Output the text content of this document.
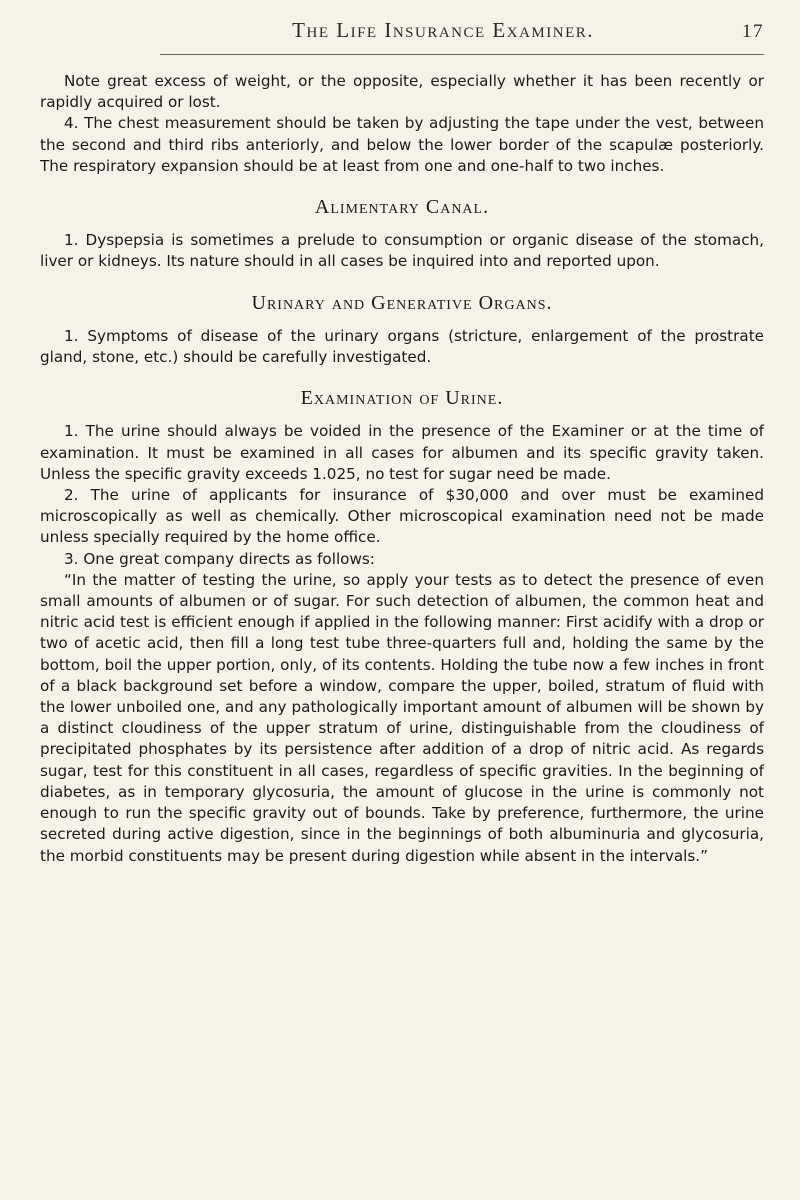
The Life Insurance Examiner.	17

Note great excess of weight, or the opposite, especially whether it has been recently or rapidly acquired or lost.

4. The chest measurement should be taken by adjusting the tape under the vest, between the second and third ribs anteriorly, and below the lower border of the scapulæ posteriorly. The respiratory expansion should be at least from one and one-half to two inches.

Alimentary Canal.

1. Dyspepsia is sometimes a prelude to consumption or organic disease of the stomach, liver or kidneys. Its nature should in all cases be inquired into and reported upon.

Urinary and Generative Organs.

1. Symptoms of disease of the urinary organs (stricture, enlargement of the prostrate gland, stone, etc.) should be carefully investigated.

Examination of Urine.

1. The urine should always be voided in the presence of the Examiner or at the time of examination. It must be examined in all cases for albumen and its specific gravity taken. Unless the specific gravity exceeds 1.025, no test for sugar need be made.

2. The urine of applicants for insurance of $30,000 and over must be examined microscopically as well as chemically. Other microscopical examination need not be made unless specially required by the home office.

3. One great company directs as follows:

“In the matter of testing the urine, so apply your tests as to detect the presence of even small amounts of albumen or of sugar. For such detection of albumen, the common heat and nitric acid test is efficient enough if applied in the following manner: First acidify with a drop or two of acetic acid, then fill a long test tube three-quarters full and, holding the same by the bottom, boil the upper portion, only, of its contents. Holding the tube now a few inches in front of a black background set before a window, compare the upper, boiled, stratum of fluid with the lower unboiled one, and any pathologically important amount of albumen will be shown by a distinct cloudiness of the upper stratum of urine, distinguishable from the cloudiness of precipitated phosphates by its persistence after addition of a drop of nitric acid. As regards sugar, test for this constituent in all cases, regardless of specific gravities. In the beginning of diabetes, as in temporary glycosuria, the amount of glucose in the urine is commonly not enough to run the specific gravity out of bounds. Take by preference, furthermore, the urine secreted during active digestion, since in the beginnings of both albuminuria and glycosuria, the morbid constituents may be present during digestion while absent in the intervals.”
